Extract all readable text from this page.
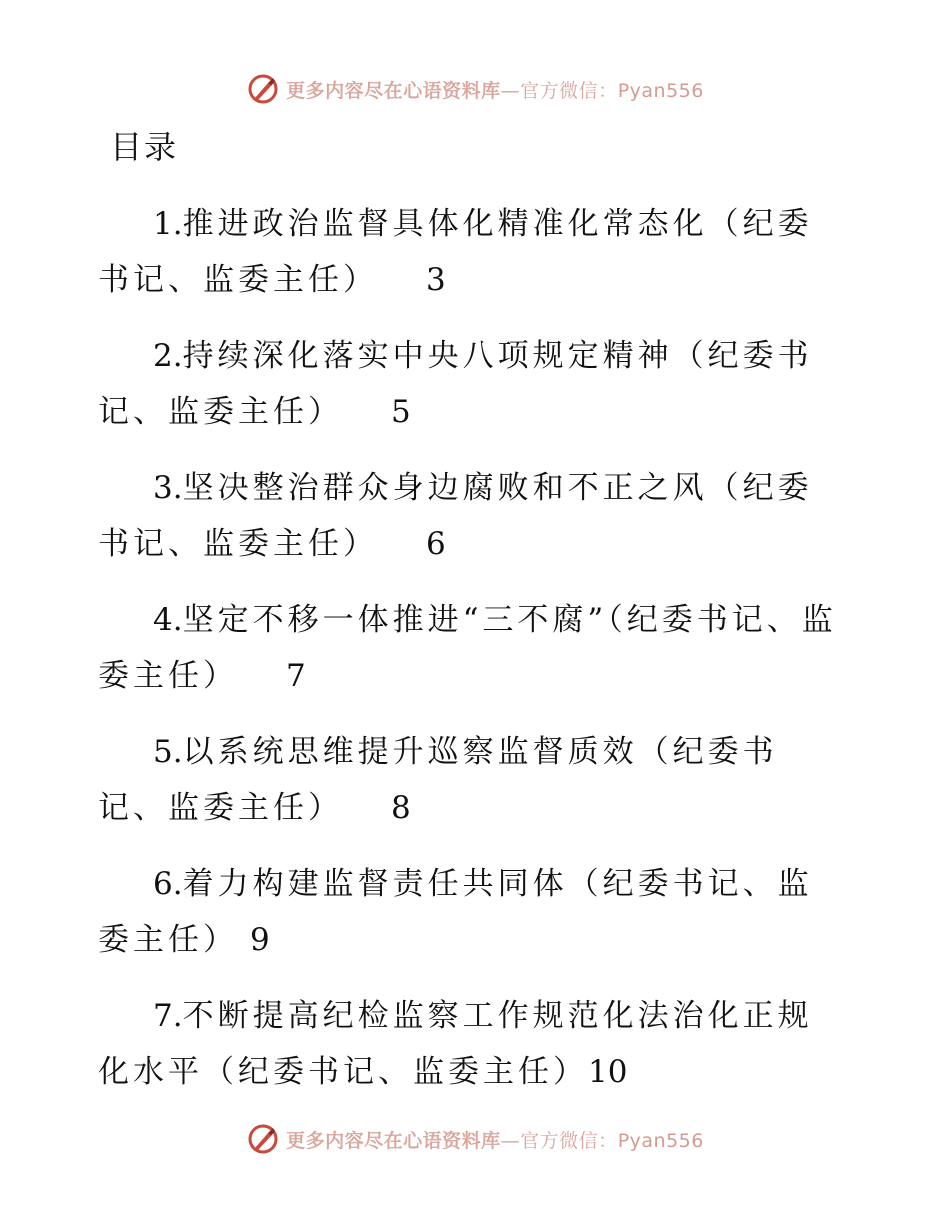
更多内容尽在心语资料库—官方微信：Pyan556
目录
1.推进政治监督具体化精准化常态化（纪委书记、监委主任） 3
2.持续深化落实中央八项规定精神（纪委书记、监委主任） 5
3.坚决整治群众身边腐败和不正之风（纪委书记、监委主任） 6
4.坚定不移一体推进“三不腐”（纪委书记、监委主任） 7
5.以系统思维提升巡察监督质效（纪委书记、监委主任） 8
6.着力构建监督责任共同体（纪委书记、监委主任） 9
7.不断提高纪检监察工作规范化法治化正规化水平（纪委书记、监委主任）10
更多内容尽在心语资料库—官方微信：Pyan556
